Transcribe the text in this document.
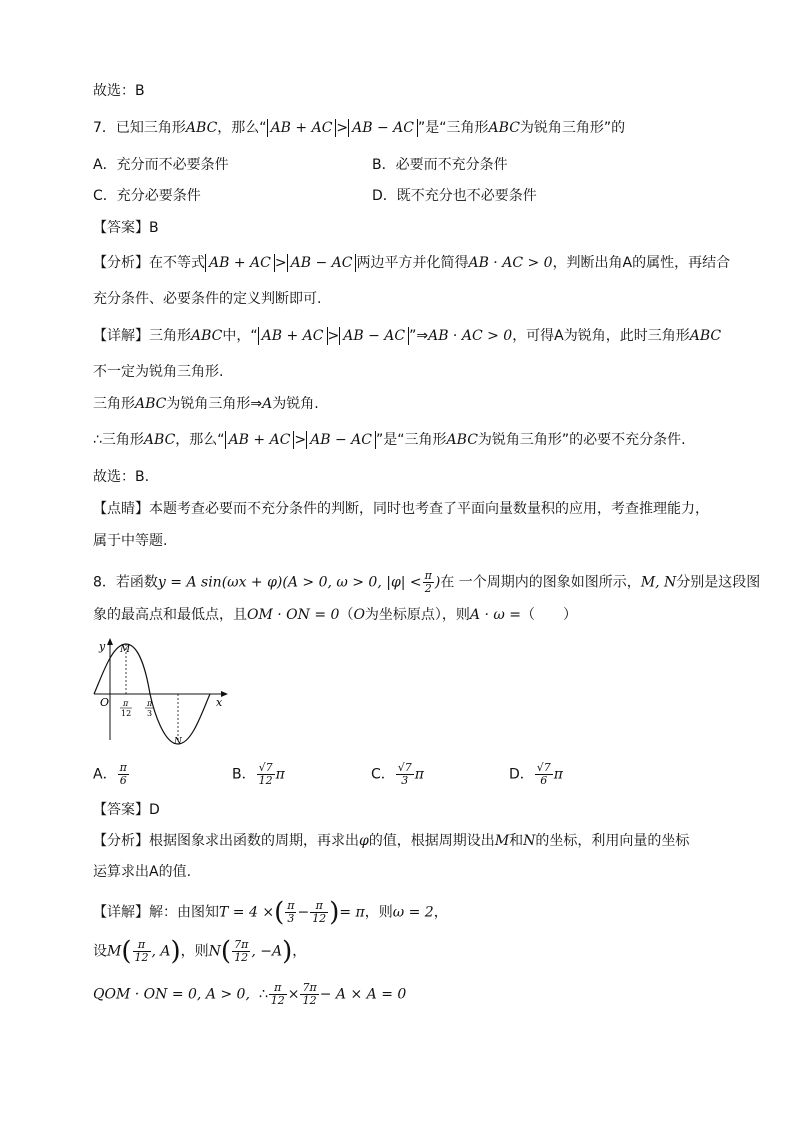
故选：B
7．已知三角形ABC，那么“ AB + AC > AB − AC ”是“三角形ABC为锐角三角形”的
A．充分而不必要条件	B．必要而不充分条件
C．充分必要条件	D．既不充分也不必要条件
【答案】B
【分析】在不等式 AB + AC > AB − AC 两边平方并化简得AB · AC > 0，判断出角A的属性，再结合
充分条件、必要条件的定义判断即可.
【详解】三角形ABC中，“ AB + AC > AB − AC ”⇒AB · AC > 0，可得A为锐角，此时三角形ABC
不一定为锐角三角形.
三角形ABC为锐角三角形⇒A为锐角.
∴三角形ABC，那么“ AB + AC > AB − AC ”是“三角形ABC为锐角三角形”的必要不充分条件.
故选：B.
【点睛】本题考查必要而不充分条件的判断，同时也考查了平面向量数量积的应用，考查推理能力，
属于中等题.
8．若函数y = A sin(ωx + φ)(A > 0, ω > 0, $|\varphi| < \frac{\pi}{2}$ )在 一个周期内的图象如图所示，M, N分别是这段图
象的最高点和最低点，且OM · ON = 0（O为坐标原点），则A · ω =（　　）
y
x
O
M
N
π
12
π
3
A． $\frac{\pi}{6}$	B． $\frac{√7}{12}$ π	C． $\frac{√7}{3}$ π	D． $\frac{√7}{6}$ π
【答案】D
【分析】根据图象求出函数的周期，再求出φ的值，根据周期设出M和N的坐标，利用向量的坐标
运算求出A的值.
【详解】解：由图知T = 4 ×( $\frac{\pi}{3} - \frac{\pi}{12}$ )= π，则ω = 2，
设$M( \frac{\pi}{12}$ , A)，则$N( \frac{7\pi}{12}$ , −A)，
QOM · ON = 0, A > 0, ∴ $\frac{\pi}{12} \times \frac{7\pi}{12} - A \times A = 0$
